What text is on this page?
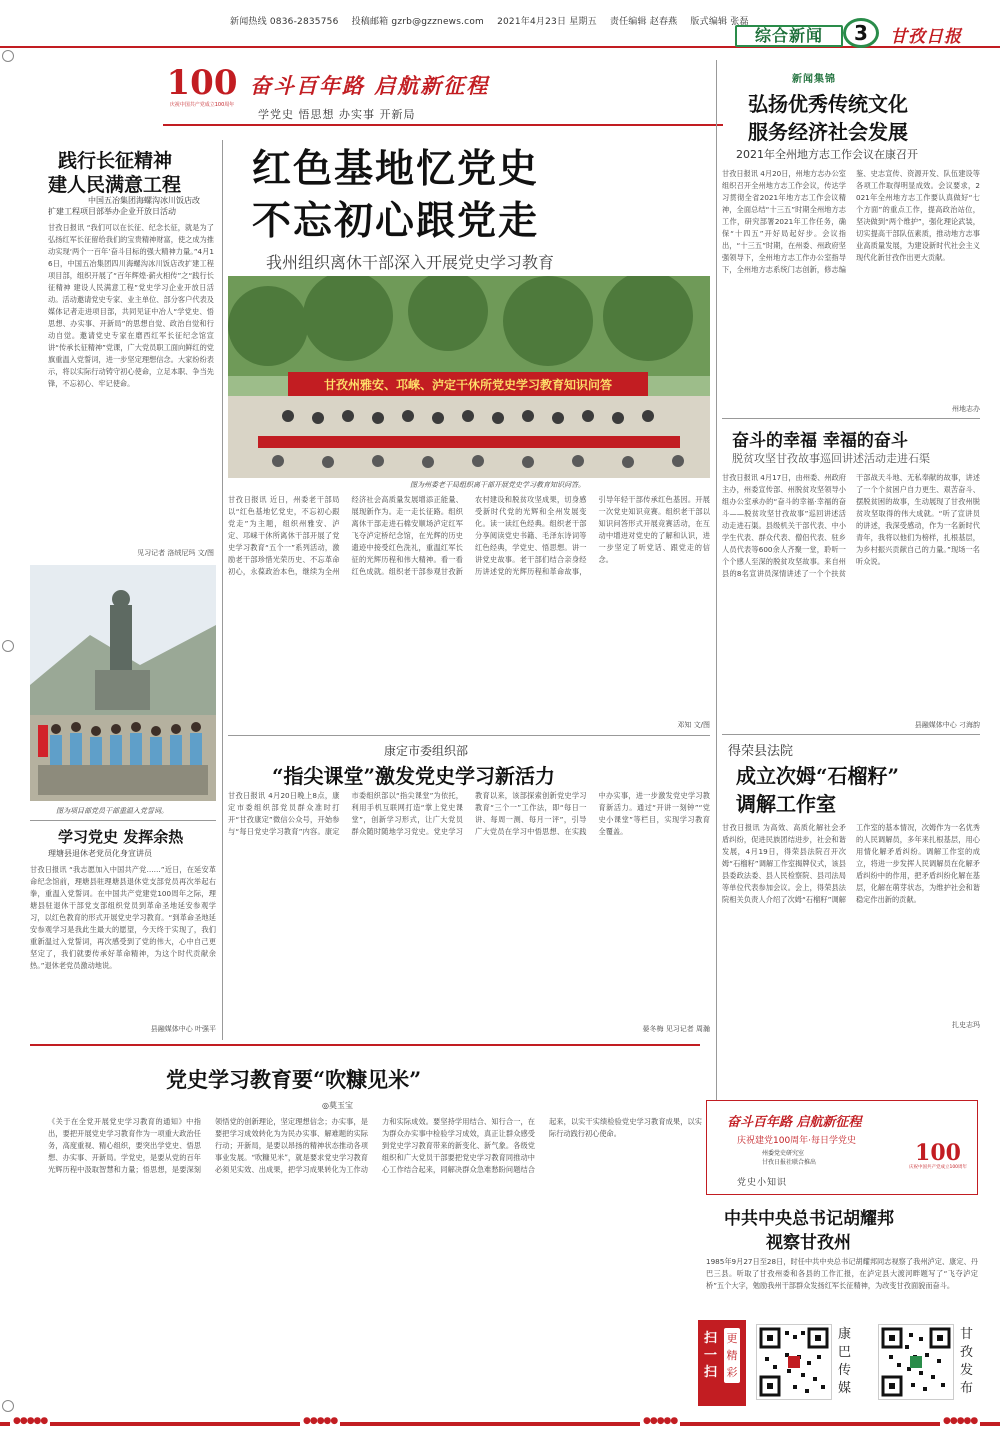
新闻热线 0836-2835756 投稿邮箱 gzrb@gzznews.com 2021年4月23日 星期五 责任编辑 赵春燕 版式编辑 张磊
综合新闻	3	甘孜日报
100
庆祝中国共产党成立100周年
奋斗百年路 启航新征程
学党史 悟思想 办实事 开新局
践行长征精神
建人民满意工程
中国五冶集团海螺沟冰川饭店改
扩建工程项目部举办企业开放日活动
甘孜日报讯 “我们可以在长征、纪念长征，就是为了弘扬红军长征留给我们的宝贵精神财富，使之成为推动实现‘两个一百年’奋斗目标的强大精神力量。”4月16日，中国五冶集团四川海螺沟冰川饭店改扩建工程项目部，组织开展了“百年辉煌·薪火相传”之“践行长征精神 建设人民满意工程”党史学习企业开放日活动。活动邀请党史专家、业主单位、部分客户代表及媒体记者走进项目部，共同见证中冶人“学党史、悟思想、办实事、开新局”的思想自觉、政治自觉和行动自觉。邀请党史专家在磨西红军长征纪念馆宣讲“传承长征精神”党课，广大党员职工面向鲜红的党旗重温入党誓词，进一步坚定理想信念。大家纷纷表示，将以实际行动铸守初心使命，立足本职、争当先锋，不忘初心、牢记使命。
见习记者 洛绒尼玛 文/图
图为项目部党员干部重温入党誓词。
学习党史 发挥余热
理塘县退休老党员化身宣讲员
甘孜日报讯 “我志愿加入中国共产党……”近日，在延安革命纪念馆前，理塘县驻理塘县退休党支部党员再次举起右拳，重温入党誓词。在中国共产党建党100周年之际，理塘县驻退休干部党支部组织党员到革命圣地延安参观学习，以红色教育的形式开展党史学习教育。“到革命圣地延安参观学习是我此生最大的愿望，今天终于实现了，我们重新温过入党誓词，再次感受到了党的伟大，心中自己更坚定了，我们就要传承好革命精神，为这个时代贡献余热。”退休老党员激动地说。
县融媒体中心 叶强平
红色基地忆党史
不忘初心跟党走
我州组织离休干部深入开展党史学习教育
甘孜州雅安、邛崃、泸定干休所党史学习教育知识问答
图为州委老干局组织离干部开展党史学习教育知识问答。
甘孜日报讯 近日，州委老干部局以“红色基地忆党史，不忘初心跟党走”为主题，组织州雅安、泸定、邛崃干休所离休干部开展了党史学习教育“五个一”系列活动，激励老干部珍惜光荣历史、不忘革命初心，永葆政治本色，继续为全州经济社会高质量发展增添正能量、展现新作为。走一走长征路。组织离休干部走进石棉安顺场泸定红军飞夺泸定桥纪念馆，在光辉的历史遗迹中接受红色洗礼，重温红军长征的光辉历程和伟大精神。看一看红色成就。组织老干部参观甘孜新农村建设和脱贫攻坚成果，切身感受新时代党的光辉和全州发展变化。读一读红色经典。组织老干部分享阅读党史书籍、毛泽东诗词等红色经典，学党史、悟思想。讲一讲党史故事。老干部们结合亲身经历讲述党的光辉历程和革命故事，引导年轻干部传承红色基因。开展一次党史知识竞赛。组织老干部以知识问答形式开展竞赛活动，在互动中增进对党史的了解和认识，进一步坚定了听党话、跟党走的信念。
邓知 文/图
康定市委组织部
“指尖课堂”激发党史学习新活力
甘孜日报讯 4月20日晚上8点，康定市委组织部党员群众准时打开“甘孜康定”微信公众号，开始参与“每日党史学习教育”内容。康定市委组织部以“指尖课堂”为依托，利用手机互联网打造“掌上党史课堂”，创新学习形式，让广大党员群众随时随地学习党史。党史学习教育以来，该部探索创新党史学习教育“三个一”工作法，即“每日一讲、每周一测、每月一评”，引导广大党员在学习中悟思想、在实践中办实事，进一步激发党史学习教育新活力。通过“开讲一刻钟”“党史小课堂”等栏目，实现学习教育全覆盖。
晏冬梅 见习记者 周瀚
新闻集锦
弘扬优秀传统文化
服务经济社会发展
2021年全州地方志工作会议在康召开
甘孜日报讯 4月20日，州地方志办公室组织召开全州地方志工作会议，传达学习贯彻全省2021年地方志工作会议精神，全面总结“十三五”时期全州地方志工作，研究部署2021年工作任务，确保“十四五”开好局起好步。会议指出，“十三五”时期，在州委、州政府坚强领导下，全州地方志工作办公室指导下，全州地方志系统门志创新，修志编鉴、史志宣传、资源开发、队伍建设等各项工作取得明显成效。会议要求，2021年全州地方志工作要认真做好“七个方面”的重点工作，提高政治站位，坚决做到“两个维护”，强化理论武装，切实提高干部队伍素质，推动地方志事业高质量发展，为建设新时代社会主义现代化新甘孜作出更大贡献。
州地志办
奋斗的幸福 幸福的奋斗
脱贫攻坚甘孜故事巡回讲述活动走进石渠
甘孜日报讯 4月17日，由州委、州政府主办，州委宣传部、州脱贫攻坚领导小组办公室承办的“奋斗的幸福·幸福的奋斗——脱贫攻坚甘孜故事”巡回讲述活动走进石渠。县级机关干部代表、中小学生代表、群众代表、僧侣代表、驻乡人员代表等600余人齐聚一堂，聆听一个个感人至深的脱贫攻坚故事。来自州县的8名宣讲员深情讲述了一个个扶贫干部战天斗地、无私奉献的故事，讲述了一个个贫困户自力更生、艰苦奋斗、摆脱贫困的故事，生动展现了甘孜州脱贫攻坚取得的伟大成就。“听了宣讲员的讲述，我深受感动，作为一名新时代青年，我将以他们为榜样，扎根基层，为乡村振兴贡献自己的力量。”现场一名听众说。
县融媒体中心 刁海韵
得荣县法院
成立次姆“石榴籽”
调解工作室
甘孜日报讯 为高效、高质化解社会矛盾纠纷，促进民族团结进步，社会和谐发展，4月19日，得荣县法院召开次姆“石榴籽”调解工作室揭牌仪式，该县县委政法委、县人民检察院、县司法局等单位代表参加会议。会上，得荣县法院相关负责人介绍了次姆“石榴籽”调解工作室的基本情况，次姆作为一名优秀的人民调解员，多年来扎根基层，用心用情化解矛盾纠纷。调解工作室的成立，将进一步发挥人民调解员在化解矛盾纠纷中的作用，把矛盾纠纷化解在基层，化解在萌芽状态，为维护社会和谐稳定作出新的贡献。
扎史志玛
党史学习教育要“吹糠见米”
◎莫玉宝
《关于在全党开展党史学习教育的通知》中指出，要把开展党史学习教育作为一项重大政治任务，高度重视、精心组织，要突出学党史、悟思想、办实事、开新局。学党史，是要从党的百年光辉历程中汲取智慧和力量；悟思想，是要深刻领悟党的创新理论，坚定理想信念；办实事，是要把学习成效转化为为民办实事、解难题的实际行动；开新局，是要以昂扬的精神状态推动各项事业发展。“吹糠见米”，就是要求党史学习教育必须见实效、出成果，把学习成果转化为工作动力和实际成效。要坚持学用结合、知行合一，在为群众办实事中检验学习成效，真正让群众感受到党史学习教育带来的新变化、新气象。各级党组织和广大党员干部要把党史学习教育同推动中心工作结合起来，同解决群众急难愁盼问题结合起来，以实干实绩检验党史学习教育成果，以实际行动践行初心使命。
奋斗百年路 启航新征程
庆祝建党100周年·每日学党史
州委党史研究室
甘孜日报社联合推出	100
庆祝中国共产党成立100周年
党史小知识
中共中央总书记胡耀邦
视察甘孜州
1985年9月27日至28日，时任中共中央总书记胡耀邦同志视察了我州泸定、康定、丹巴三县。听取了甘孜州委和各县的工作汇报，在泸定县大渡河畔题写了“飞夺泸定桥”五个大字，勉励我州干部群众发扬红军长征精神，为改变甘孜面貌而奋斗。
扫一扫
更精彩
康巴传媒
甘孜发布
●●●●●	●●●●●	●●●●●	●●●●●
